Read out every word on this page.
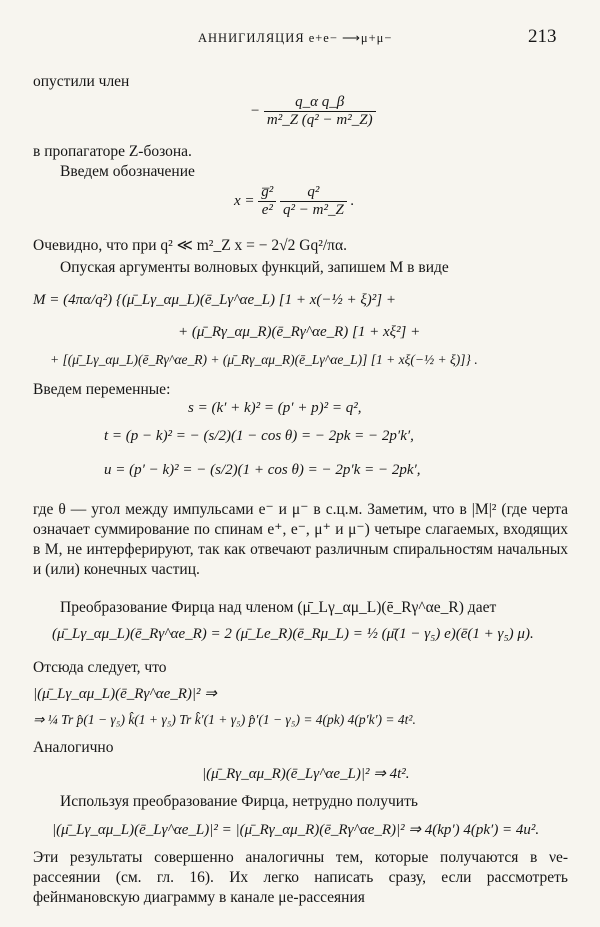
АННИГИЛЯЦИЯ e+e− ⟶μ+μ−	213
опустили член
− $\frac{\text{q\_α q\_β}}{\text{m²\_Z (q² − m²\_Z)}}$
в пропагаторе Z-бозона.
Введем обозначение
$x = \frac{\text{g̅²}}{\text{e²}}$
$\frac{\text{q²}}{\text{q² − m²\_Z}}$ .
Очевидно, что при q² ≪ m²_Z x = − 2√2 Gq²/πα.
Опуская аргументы волновых функций, запишем M в виде
M = (4πα/q²) {(μ̄_Lγ_αμ_L)(ē_Lγ^αe_L) [1 + x(−½ + ξ)²] +
+ (μ̄_Rγ_αμ_R)(ē_Rγ^αe_R) [1 + xξ²] +
+ [(μ̄_Lγ_αμ_L)(ē_Rγ^αe_R) + (μ̄_Rγ_αμ_R)(ē_Lγ^αe_L)] [1 + xξ(−½ + ξ)]} .
Введем переменные:
s = (k′ + k)² = (p′ + p)² = q²,
t = (p − k)² = − (s/2)(1 − cos θ) = − 2pk = − 2p′k′,
u = (p′ − k)² = − (s/2)(1 + cos θ) = − 2p′k = − 2pk′,
где θ — угол между импульсами e⁻ и μ⁻ в с.ц.м. Заметим, что в |M|² (где черта означает суммирование по спинам e⁺, e⁻, μ⁺ и μ⁻) четыре слагаемых, входящих в M, не интерферируют, так как отвечают различным спиральностям начальных и (или) конечных частиц.
Преобразование Фирца над членом (μ̄_Lγ_αμ_L)(ē_Rγ^αe_R) дает
(μ̄_Lγ_αμ_L)(ē_Rγ^αe_R) = 2 (μ̄_Le_R)(ē_Rμ_L) = ½ (μ̄(1 − γ₅) e)(ē(1 + γ₅) μ).
Отсюда следует, что
|(μ̄_Lγ_αμ_L)(ē_Rγ^αe_R)|² ⇒
⇒ ¼ Tr p̂(1 − γ₅) k̂(1 + γ₅) Tr k̂′(1 + γ₅) p̂′(1 − γ₅) = 4(pk) 4(p′k′) = 4t².
Аналогично
|(μ̄_Rγ_αμ_R)(ē_Lγ^αe_L)|² ⇒ 4t².
Используя преобразование Фирца, нетрудно получить
|(μ̄_Lγ_αμ_L)(ē_Lγ^αe_L)|² = |(μ̄_Rγ_αμ_R)(ē_Rγ^αe_R)|² ⇒ 4(kp′) 4(pk′) = 4u².
Эти результаты совершенно аналогичны тем, которые получаются в νe-рассеянии (см. гл. 16). Их легко написать сразу, если рассмотреть фейнмановскую диаграмму в канале μe-рассеяния
